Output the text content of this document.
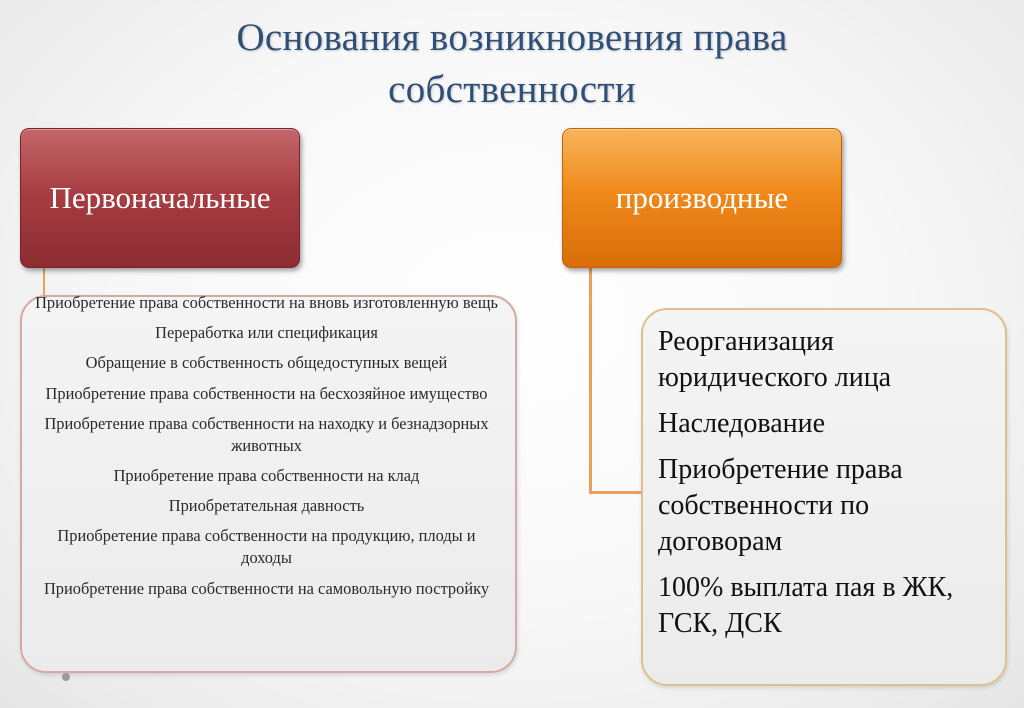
Основания возникновения права
собственности
Первоначальные	производные
Приобретение права собственности на вновь изготовленную вещь
Переработка или спецификация
Обращение в собственность общедоступных вещей
Приобретение права собственности на бесхозяйное имущество
Приобретение права собственности на находку и безнадзорных животных
Приобретение права собственности на клад
Приобретательная давность
Приобретение права собственности на продукцию, плоды и доходы
Приобретение права собственности на самовольную постройку
Реорганизация юридического лица
Наследование
Приобретение права собственности по договорам
100% выплата пая в ЖК, ГСК, ДСК
